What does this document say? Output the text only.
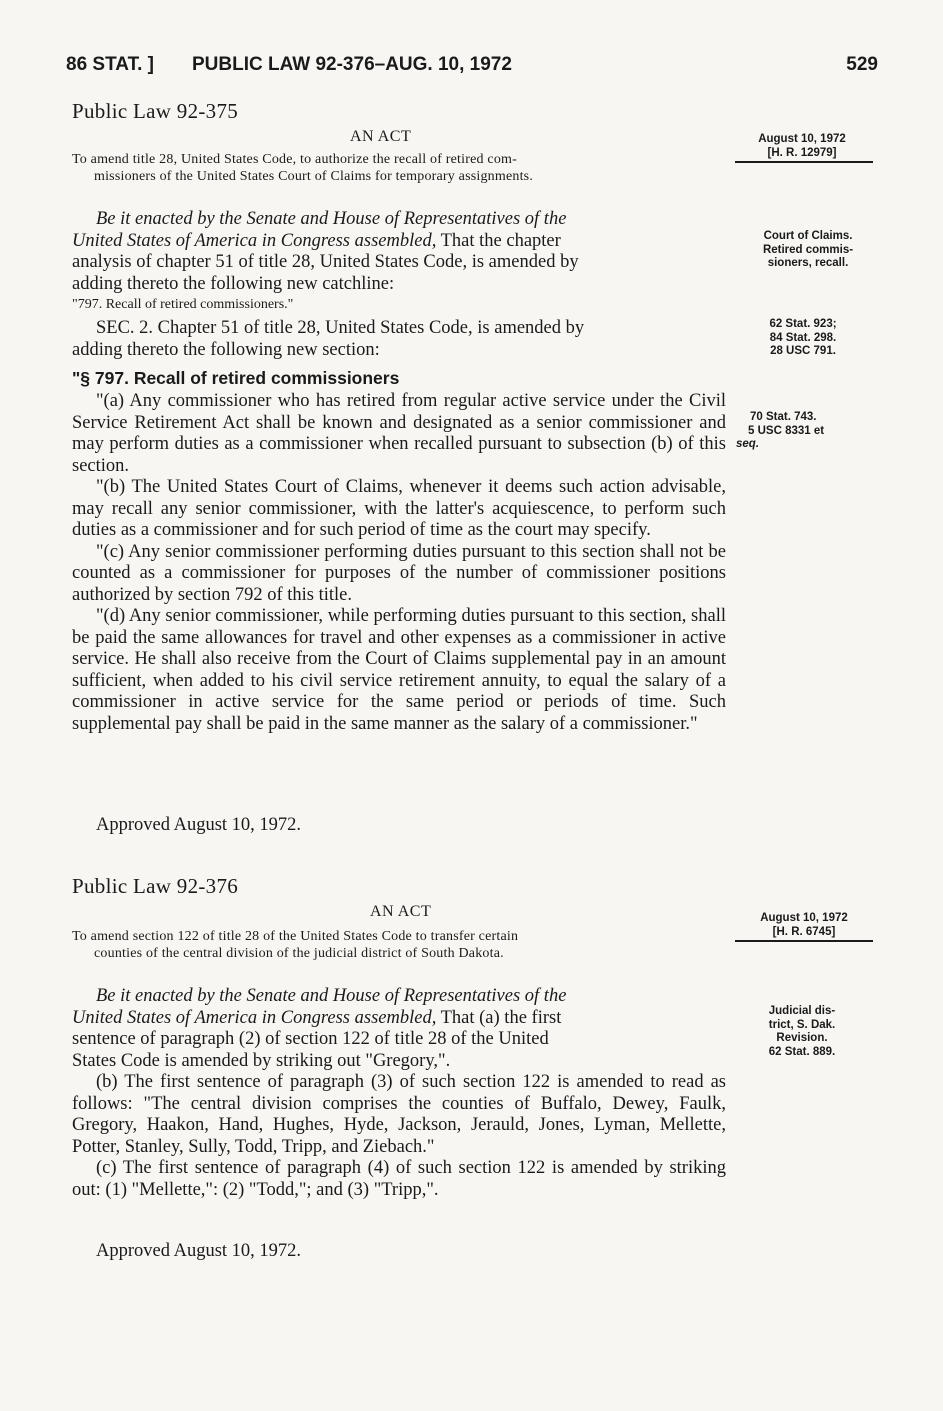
86 STAT. ] PUBLIC LAW 92-376–AUG. 10, 1972	529
Public Law 92-375
AN ACT
To amend title 28, United States Code, to authorize the recall of retired com-
missioners of the United States Court of Claims for temporary assignments.
August 10, 1972
[H. R. 12979]
Be it enacted by the Senate and House of Representatives of the
United States of America in Congress assembled, That the chapter
analysis of chapter 51 of title 28, United States Code, is amended by
adding thereto the following new catchline:
"797. Recall of retired commissioners."
SEC. 2. Chapter 51 of title 28, United States Code, is amended by
adding thereto the following new section:
"§ 797. Recall of retired commissioners
"(a) Any commissioner who has retired from regular active service under the Civil Service Retirement Act shall be known and designated as a senior commissioner and may perform duties as a commissioner when recalled pursuant to subsection (b) of this section.
"(b) The United States Court of Claims, whenever it deems such action advisable, may recall any senior commissioner, with the latter's acquiescence, to perform such duties as a commissioner and for such period of time as the court may specify.
"(c) Any senior commissioner performing duties pursuant to this section shall not be counted as a commissioner for purposes of the number of commissioner positions authorized by section 792 of this title.
"(d) Any senior commissioner, while performing duties pursuant to this section, shall be paid the same allowances for travel and other expenses as a commissioner in active service. He shall also receive from the Court of Claims supplemental pay in an amount sufficient, when added to his civil service retirement annuity, to equal the salary of a commissioner in active service for the same period or periods of time. Such supplemental pay shall be paid in the same manner as the salary of a commissioner."
Approved August 10, 1972.
Court of Claims.
Retired commis-
sioners, recall.
62 Stat. 923;
84 Stat. 298.
28 USC 791.
70 Stat. 743.
5 USC 8331 et
seq.
Public Law 92-376
AN ACT
To amend section 122 of title 28 of the United States Code to transfer certain
counties of the central division of the judicial district of South Dakota.
August 10, 1972
[H. R. 6745]
Be it enacted by the Senate and House of Representatives of the
United States of America in Congress assembled, That (a) the first
sentence of paragraph (2) of section 122 of title 28 of the United
States Code is amended by striking out "Gregory,".
(b) The first sentence of paragraph (3) of such section 122 is amended to read as follows: "The central division comprises the counties of Buffalo, Dewey, Faulk, Gregory, Haakon, Hand, Hughes, Hyde, Jackson, Jerauld, Jones, Lyman, Mellette, Potter, Stanley, Sully, Todd, Tripp, and Ziebach."
(c) The first sentence of paragraph (4) of such section 122 is amended by striking out: (1) "Mellette,": (2) "Todd,"; and (3) "Tripp,".
Approved August 10, 1972.
Judicial dis-
trict, S. Dak.
Revision.
62 Stat. 889.
